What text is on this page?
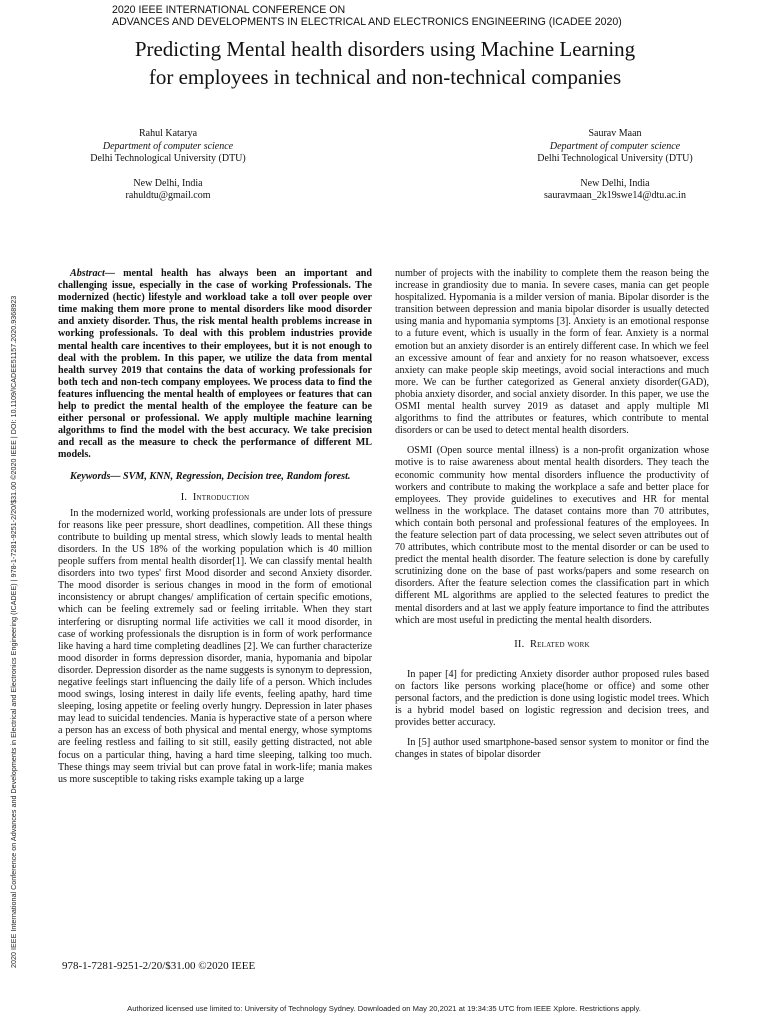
2020 IEEE INTERNATIONAL CONFERENCE ON
ADVANCES AND DEVELOPMENTS IN ELECTRICAL AND ELECTRONICS ENGINEERING (ICADEE 2020)
Predicting Mental health disorders using Machine Learning
for employees in technical and non-technical companies
Rahul Katarya
Department of computer science
Delhi Technological University (DTU)
New Delhi, India
rahuldtu@gmail.com
Saurav Maan
Department of computer science
Delhi Technological University (DTU)
New Delhi, India
sauravmaan_2k19swe14@dtu.ac.in
2020 IEEE International Conference on Advances and Developments in Electrical and Electronics Engineering (ICADEE) | 978-1-7281-9251-2/20/$31.00 ©2020 IEEE | DOI: 10.1109/ICADEE51157.2020.9368923

Abstract— mental health has always been an important and challenging issue, especially in the case of working Professionals. The modernized (hectic) lifestyle and workload take a toll over people over time making them more prone to mental disorders like mood disorder and anxiety disorder. Thus, the risk mental health problems increase in working professionals. To deal with this problem industries provide mental health care incentives to their employees, but it is not enough to deal with the problem. In this paper, we utilize the data from mental health survey 2019 that contains the data of working professionals for both tech and non-tech company employees. We process data to find the features influencing the mental health of employees or features that can help to predict the mental health of the employee the feature can be either personal or professional. We apply multiple machine learning algorithms to find the model with the best accuracy. We take precision and recall as the measure to check the performance of different ML models.

Keywords— SVM, KNN, Regression, Decision tree, Random forest.

I. Introduction

In the modernized world, working professionals are under lots of pressure for reasons like peer pressure, short deadlines, competition. All these things contribute to building up mental stress, which slowly leads to mental health disorders. In the US 18% of the working population which is 40 million people suffers from mental health disorder[1]. We can classify mental health disorders into two types' first Mood disorder and second Anxiety disorder. The mood disorder is serious changes in mood in the form of emotional inconsistency or abrupt changes/ amplification of certain specific emotions, which can be feeling extremely sad or feeling irritable. When they start interfering or disrupting normal life activities we call it mood disorder, in case of working professionals the disruption is in form of work performance like having a hard time completing deadlines [2]. We can further characterize mood disorder in forms depression disorder, mania, hypomania and bipolar disorder. Depression disorder as the name suggests is synonym to depression, negative feelings start influencing the daily life of a person. Which includes mood swings, losing interest in daily life events, feeling apathy, hard time sleeping, losing appetite or feeling overly hungry. Depression in later phases may lead to suicidal tendencies. Mania is hyperactive state of a person where a person has an excess of both physical and mental energy, whose symptoms are feeling restless and failing to sit still, easily getting distracted, not able focus on a particular thing, having a hard time sleeping, talking too much. These things may seem trivial but can prove fatal in work-life; mania makes us more susceptible to taking risks example taking up a large

number of projects with the inability to complete them the reason being the increase in grandiosity due to mania. In severe cases, mania can get people hospitalized. Hypomania is a milder version of mania. Bipolar disorder is the transition between depression and mania bipolar disorder is usually detected using mania and hypomania symptoms [3]. Anxiety is an emotional response to a future event, which is usually in the form of fear. Anxiety is a normal emotion but an anxiety disorder is an entirely different case. In which we feel an excessive amount of fear and anxiety for no reason whatsoever, excess anxiety can make people skip meetings, avoid social interactions and much more. We can be further categorized as General anxiety disorder(GAD), phobia anxiety disorder, and social anxiety disorder. In this paper, we use the OSMI mental health survey 2019 as dataset and apply multiple Ml algorithms to find the attributes or features, which contribute to mental disorders or can be used to detect mental health disorders.

OSMI (Open source mental illness) is a non-profit organization whose motive is to raise awareness about mental health disorders. They teach the economic community how mental disorders influence the productivity of workers and contribute to making the workplace a safe and better place for employees. They provide guidelines to executives and HR for mental wellness in the workplace. The dataset contains more than 70 attributes, which contain both personal and professional features of the employees. In the feature selection part of data processing, we select seven attributes out of 70 attributes, which contribute most to the mental disorder or can be used to predict the mental health disorder. The feature selection is done by carefully scrutinizing done on the base of past works/papers and some research on disorders. After the feature selection comes the classification part in which different ML algorithms are applied to the selected features to predict the mental disorders and at last we apply feature importance to find the attributes which are most useful in predicting the mental health disorders.

II. Related work

In paper [4] for predicting Anxiety disorder author proposed rules based on factors like persons working place(home or office) and some other personal factors, and the prediction is done using logistic model trees. Which is a hybrid model based on logistic regression and decision trees, and provides better accuracy.

In [5] author used smartphone-based sensor system to monitor or find the changes in states of bipolar disorder

978-1-7281-9251-2/20/$31.00 ©2020 IEEE
Authorized licensed use limited to: University of Technology Sydney. Downloaded on May 20,2021 at 19:34:35 UTC from IEEE Xplore. Restrictions apply.
